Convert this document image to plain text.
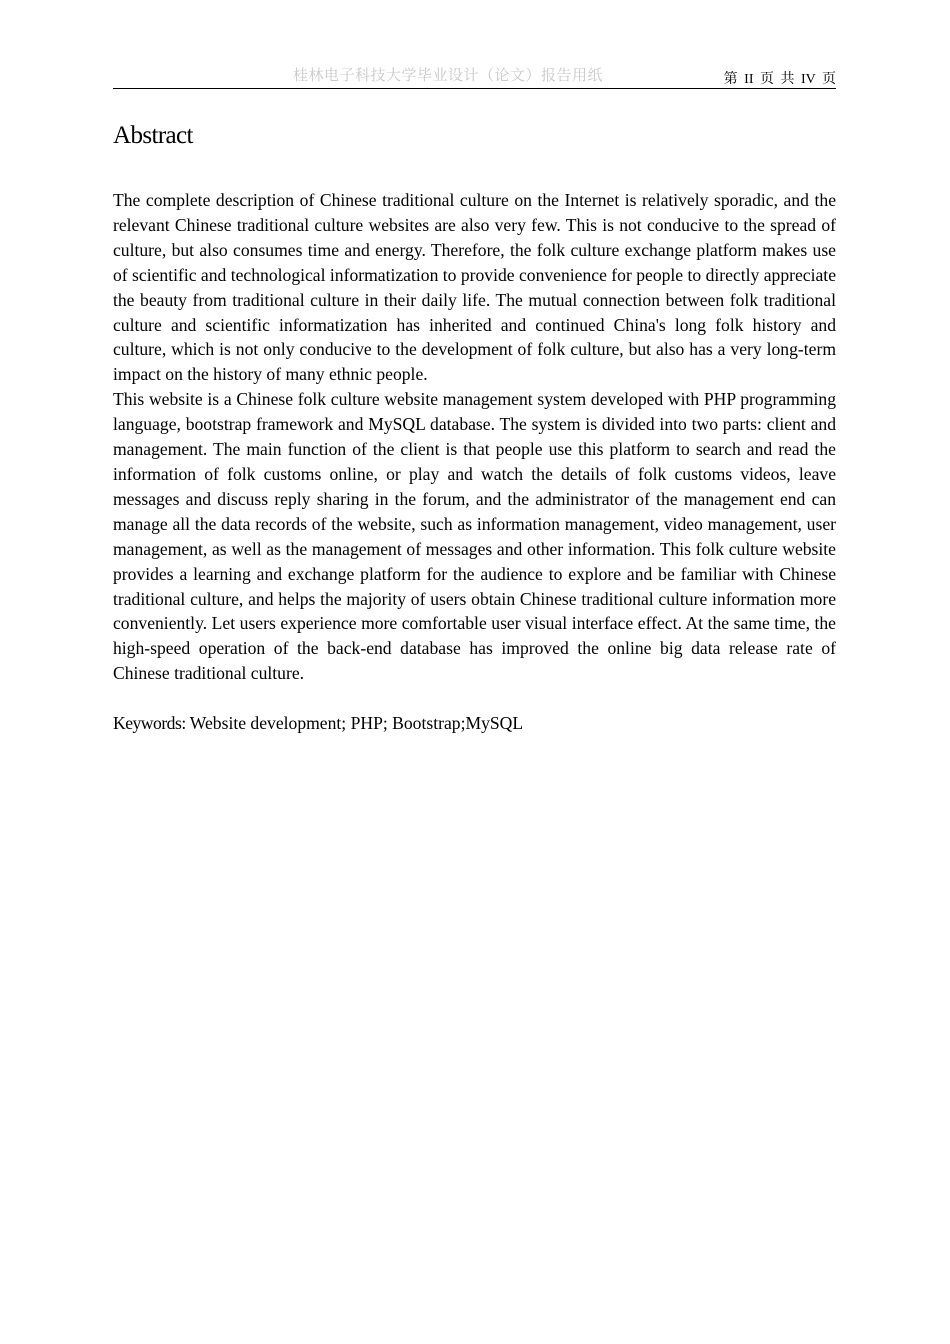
桂林电子科技大学毕业设计（论文）报告用纸	第 II 页 共 IV 页
Abstract

The complete description of Chinese traditional culture on the Internet is relatively sporadic, and the relevant Chinese traditional culture websites are also very few. This is not conducive to the spread of culture, but also consumes time and energy. Therefore, the folk culture exchange platform makes use of scientific and technological informatization to provide convenience for people to directly appreciate the beauty from traditional culture in their daily life. The mutual connection between folk traditional culture and scientific informatization has inherited and continued China's long folk history and culture, which is not only conducive to the development of folk culture, but also has a very long-term impact on the history of many ethnic people.

This website is a Chinese folk culture website management system developed with PHP programming language, bootstrap framework and MySQL database. The system is divided into two parts: client and management. The main function of the client is that people use this platform to search and read the information of folk customs online, or play and watch the details of folk customs videos, leave messages and discuss reply sharing in the forum, and the administrator of the management end can manage all the data records of the website, such as information management, video management, user management, as well as the management of messages and other information. This folk culture website provides a learning and exchange platform for the audience to explore and be familiar with Chinese traditional culture, and helps the majority of users obtain Chinese traditional culture information more conveniently. Let users experience more comfortable user visual interface effect. At the same time, the high-speed operation of the back-end database has improved the online big data release rate of Chinese traditional culture.

Keywords: Website development; PHP; Bootstrap;MySQL
